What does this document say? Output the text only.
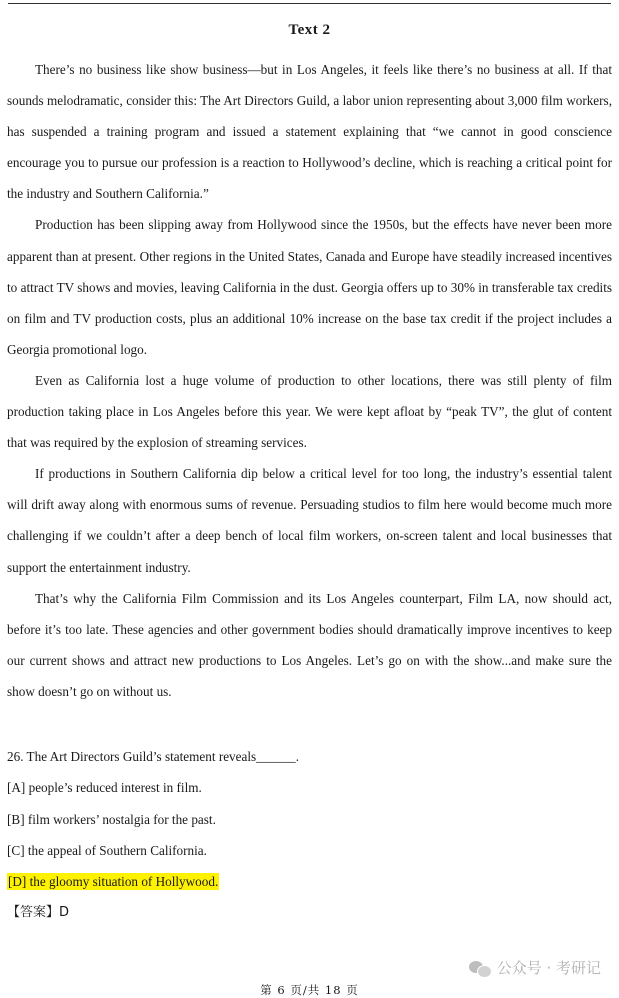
Text 2

There’s no business like show business—but in Los Angeles, it feels like there’s no business at all. If that sounds melodramatic, consider this: The Art Directors Guild, a labor union representing about 3,000 film workers, has suspended a training program and issued a statement explaining that “we cannot in good conscience encourage you to pursue our profession is a reaction to Hollywood’s decline, which is reaching a critical point for the industry and Southern California.”

Production has been slipping away from Hollywood since the 1950s, but the effects have never been more apparent than at present. Other regions in the United States, Canada and Europe have steadily increased incentives to attract TV shows and movies, leaving California in the dust. Georgia offers up to 30% in transferable tax credits on film and TV production costs, plus an additional 10% increase on the base tax credit if the project includes a Georgia promotional logo.

Even as California lost a huge volume of production to other locations, there was still plenty of film production taking place in Los Angeles before this year. We were kept afloat by “peak TV”, the glut of content that was required by the explosion of streaming services.

If productions in Southern California dip below a critical level for too long, the industry’s essential talent will drift away along with enormous sums of revenue. Persuading studios to film here would become much more challenging if we couldn’t after a deep bench of local film workers, on-screen talent and local businesses that support the entertainment industry.

That’s why the California Film Commission and its Los Angeles counterpart, Film LA, now should act, before it’s too late. These agencies and other government bodies should dramatically improve incentives to keep our current shows and attract new productions to Los Angeles. Let’s go on with the show...and make sure the show doesn’t go on without us.

26. The Art Directors Guild’s statement reveals______.
[A] people’s reduced interest in film.
[B] film workers’ nostalgia for the past.
[C] the appeal of Southern California.
[D] the gloomy situation of Hollywood.
【答案】D
公众号 · 考研记
第 6 页/共 18 页
